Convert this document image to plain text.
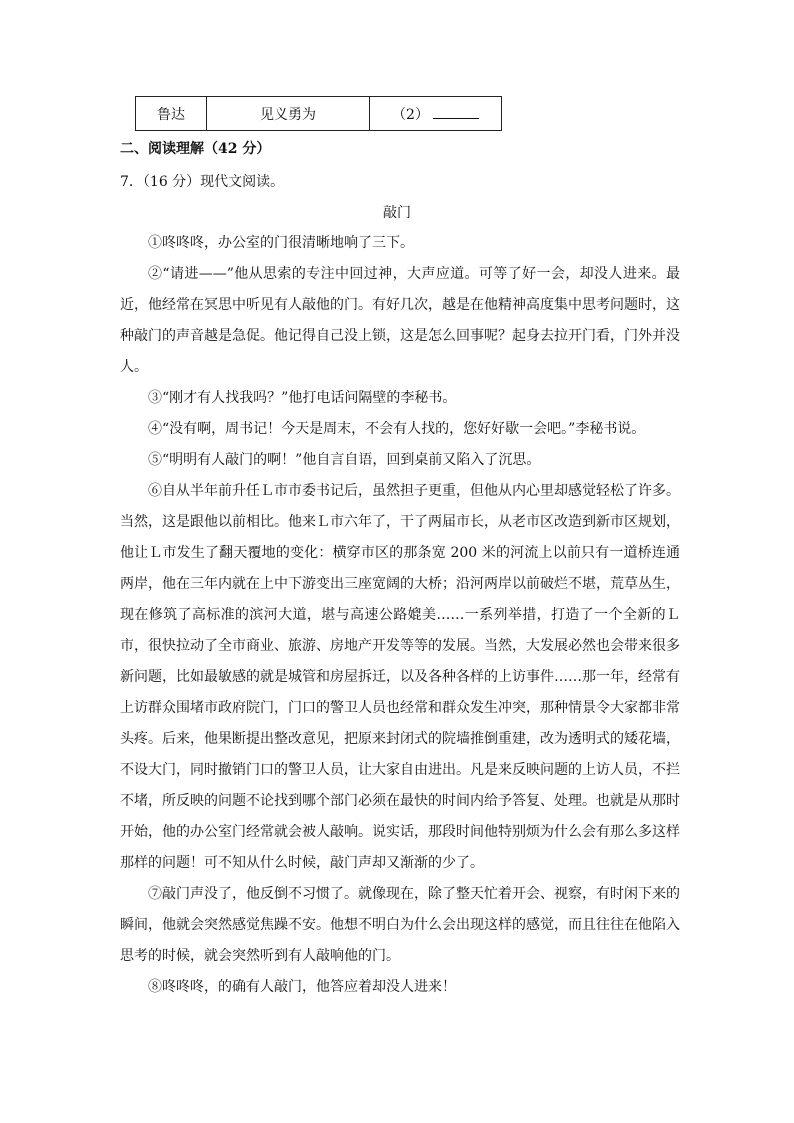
鲁达	见义勇为	（2）
二、阅读理解（42 分）
7．（16 分）现代文阅读。
敲门

①咚咚咚，办公室的门很清晰地响了三下。

②“请进——”他从思索的专注中回过神，大声应道。可等了好一会，却没人进来。最近，他经常在冥思中听见有人敲他的门。有好几次，越是在他精神高度集中思考问题时，这种敲门的声音越是急促。他记得自己没上锁，这是怎么回事呢？起身去拉开门看，门外并没人。

③“刚才有人找我吗？”他打电话问隔壁的李秘书。

④“没有啊，周书记！今天是周末，不会有人找的，您好好歇一会吧。”李秘书说。

⑤“明明有人敲门的啊！”他自言自语，回到桌前又陷入了沉思。

⑥自从半年前升任Ｌ市市委书记后，虽然担子更重，但他从内心里却感觉轻松了许多。当然，这是跟他以前相比。他来Ｌ市六年了，干了两届市长，从老市区改造到新市区规划，他让Ｌ市发生了翻天覆地的变化：横穿市区的那条宽 200 米的河流上以前只有一道桥连通两岸，他在三年内就在上中下游变出三座宽阔的大桥；沿河两岸以前破烂不堪，荒草丛生，现在修筑了高标准的滨河大道，堪与高速公路媲美……一系列举措，打造了一个全新的Ｌ市，很快拉动了全市商业、旅游、房地产开发等等的发展。当然，大发展必然也会带来很多新问题，比如最敏感的就是城管和房屋拆迁，以及各种各样的上访事件……那一年，经常有上访群众围堵市政府院门，门口的警卫人员也经常和群众发生冲突，那种情景令大家都非常头疼。后来，他果断提出整改意见，把原来封闭式的院墙推倒重建，改为透明式的矮花墙，不设大门，同时撤销门口的警卫人员，让大家自由进出。凡是来反映问题的上访人员，不拦不堵，所反映的问题不论找到哪个部门必须在最快的时间内给予答复、处理。也就是从那时开始，他的办公室门经常就会被人敲响。说实话，那段时间他特别烦为什么会有那么多这样那样的问题！可不知从什么时候，敲门声却又渐渐的少了。

⑦敲门声没了，他反倒不习惯了。就像现在，除了整天忙着开会、视察，有时闲下来的瞬间，他就会突然感觉焦躁不安。他想不明白为什么会出现这样的感觉，而且往往在他陷入思考的时候，就会突然听到有人敲响他的门。

⑧咚咚咚，的确有人敲门，他答应着却没人进来！
